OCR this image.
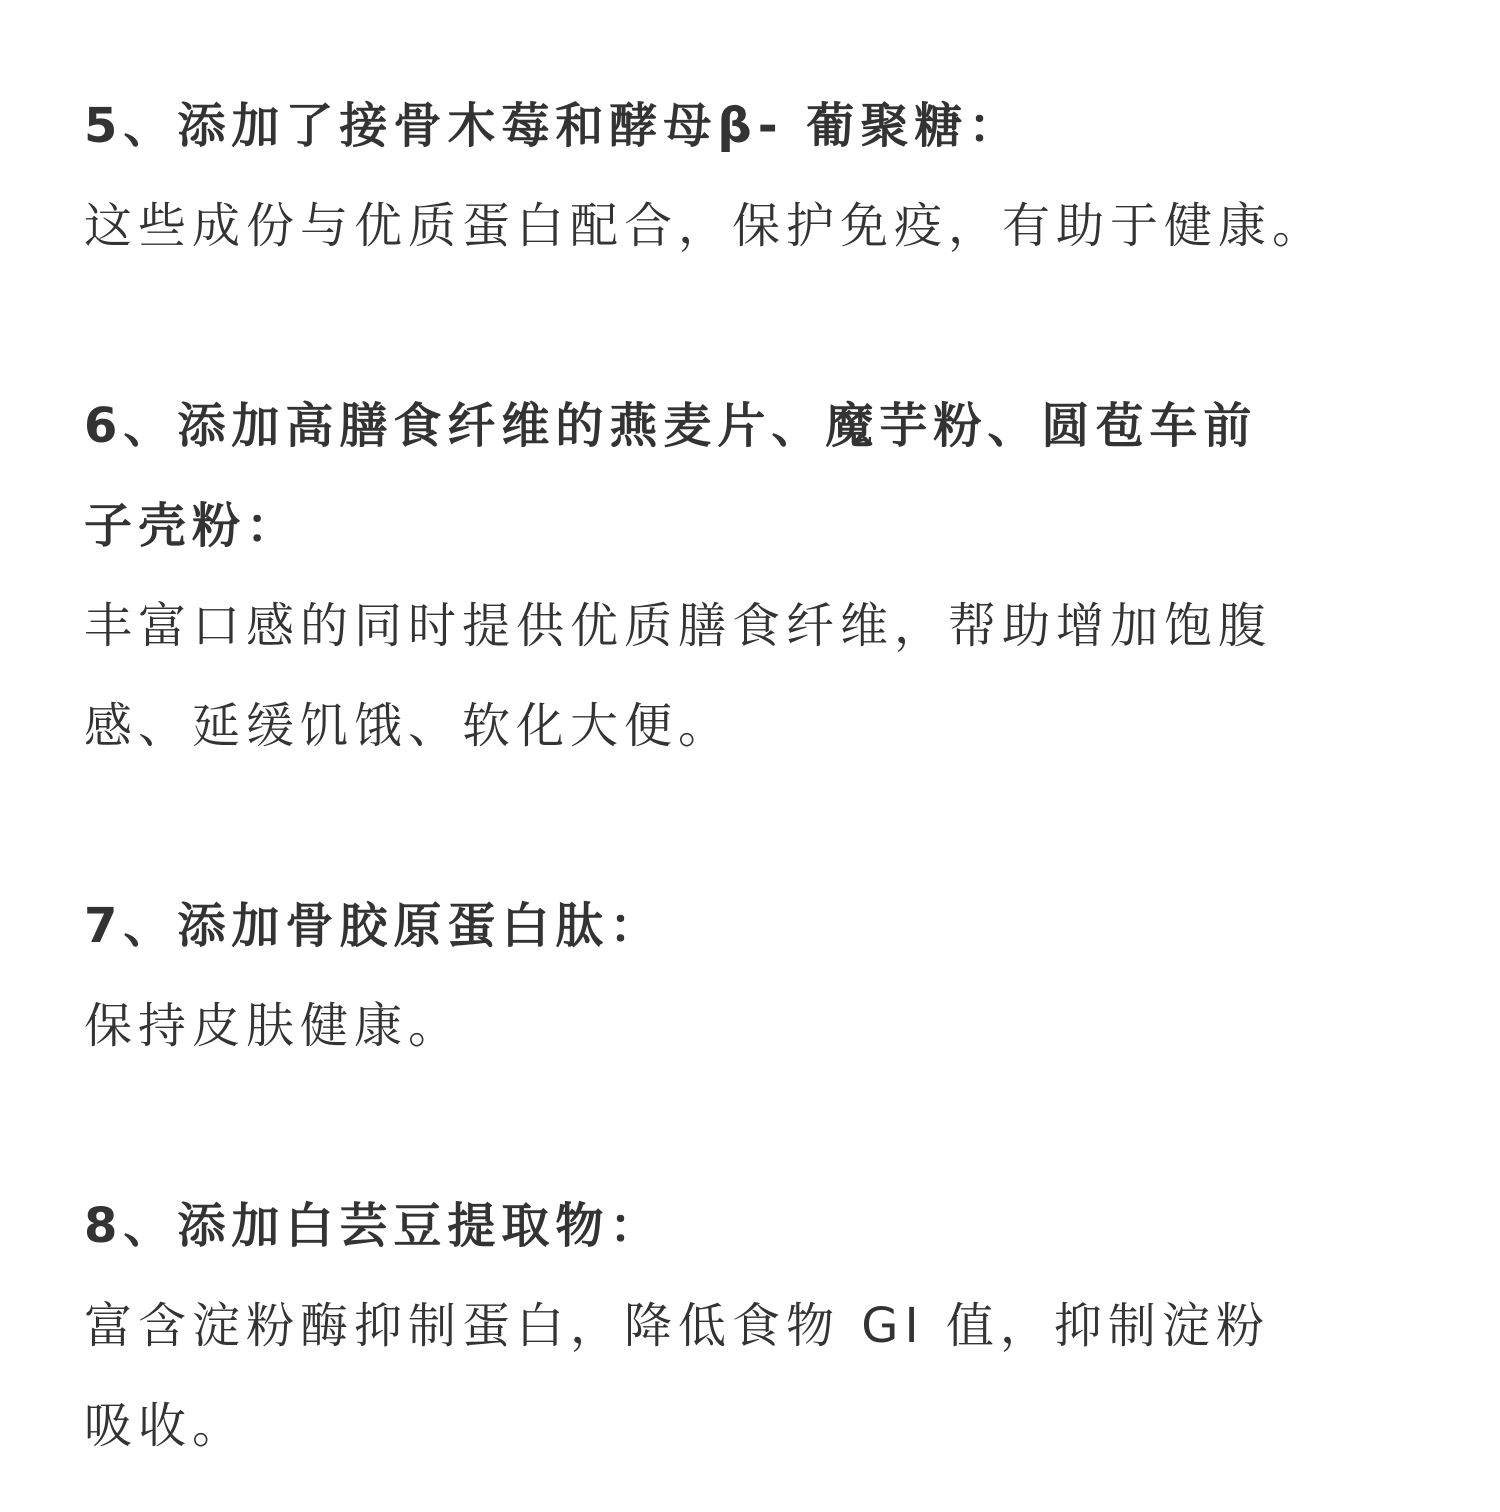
5、添加了接骨木莓和酵母β- 葡聚糖：
这些成份与优质蛋白配合，保护免疫，有助于健康。
6、添加高膳食纤维的燕麦片、魔芋粉、圆苞车前
子壳粉：
丰富口感的同时提供优质膳食纤维，帮助增加饱腹
感、延缓饥饿、软化大便。
7、添加骨胶原蛋白肽：
保持皮肤健康。
8、添加白芸豆提取物：
富含淀粉酶抑制蛋白，降低食物 GI 值，抑制淀粉
吸收。
